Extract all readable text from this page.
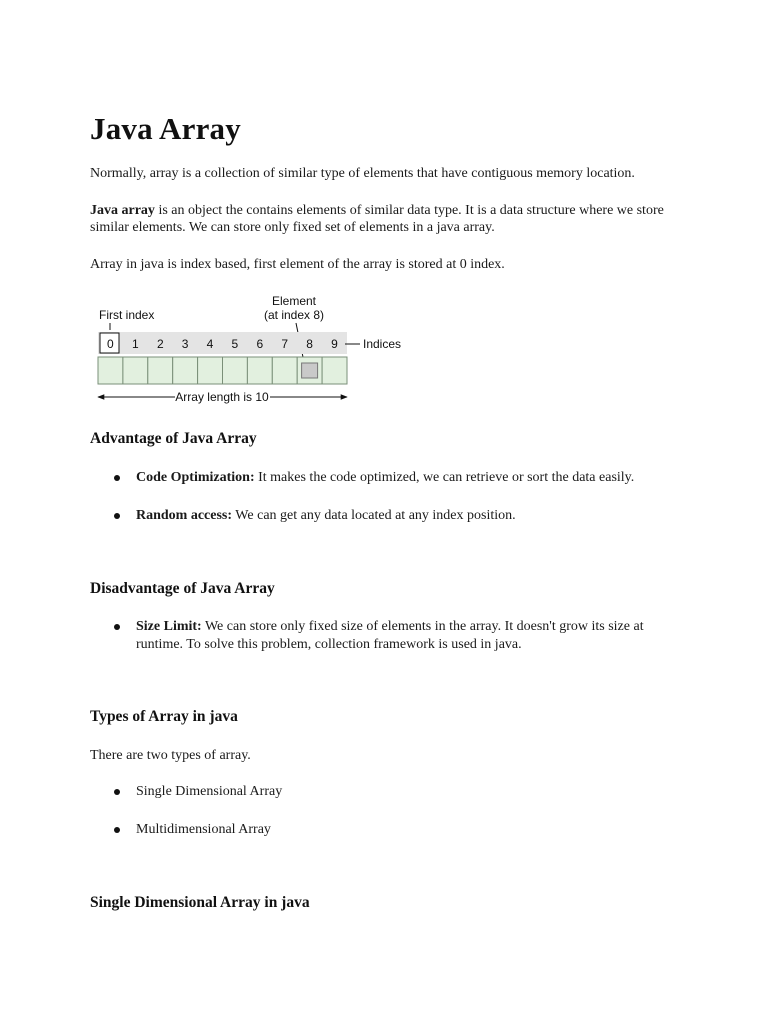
Java Array

Normally, array is a collection of similar type of elements that have contiguous memory location.

Java array is an object the contains elements of similar data type. It is a data structure where we store similar elements. We can store only fixed set of elements in a java array.

Array in java is index based, first element of the array is stored at 0 index.

First index
Element
(at index 8)
0 1 2 3 4 5 6 7 8 9 Indices
Array length is 10
Advantage of Java Array
Code Optimization: It makes the code optimized, we can retrieve or sort the data easily.
Random access: We can get any data located at any index position.
Disadvantage of Java Array
Size Limit: We can store only fixed size of elements in the array. It doesn't grow its size at runtime. To solve this problem, collection framework is used in java.
Types of Array in java

There are two types of array.

Single Dimensional Array
Multidimensional Array
Single Dimensional Array in java
